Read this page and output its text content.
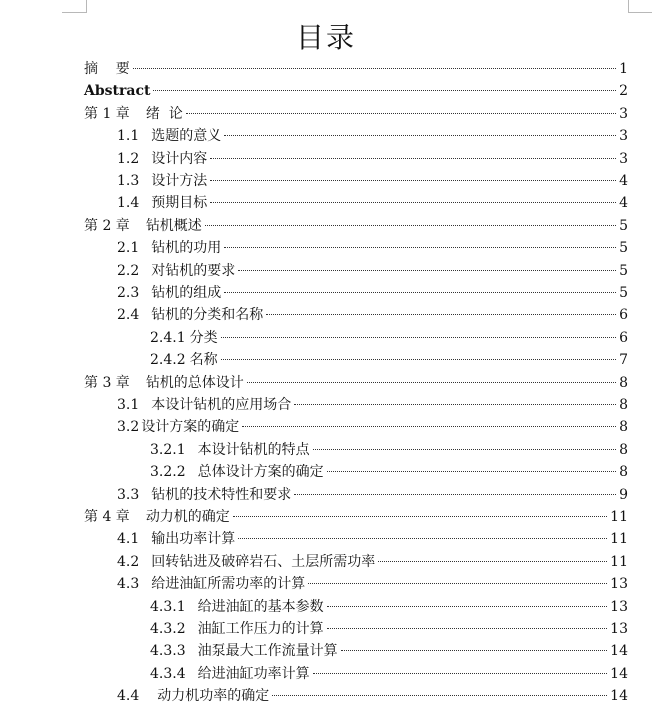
目录
摘    要	1
Abstract	2
第 1 章 绪  论	3
1.1 选题的意义	3
1.2 设计内容	3
1.3 设计方法	4
1.4 预期目标	4
第 2 章 钻机概述	5
2.1 钻机的功用	5
2.2 对钻机的要求	5
2.3 钻机的组成	5
2.4 钻机的分类和名称	6
2.4.1 分类	6
2.4.2 名称	7
第 3 章 钻机的总体设计	8
3.1 本设计钻机的应用场合	8
3.2 设计方案的确定	8
3.2.1 本设计钻机的特点	8
3.2.2 总体设计方案的确定	8
3.3 钻机的技术特性和要求	9
第 4 章 动力机的确定	11
4.1 输出功率计算	11
4.2 回转钻进及破碎岩石、土层所需功率	11
4.3 给进油缸所需功率的计算	13
4.3.1 给进油缸的基本参数	13
4.3.2 油缸工作压力的计算	13
4.3.3 油泵最大工作流量计算	14
4.3.4 给进油缸功率计算	14
4.4 动力机功率的确定	14
